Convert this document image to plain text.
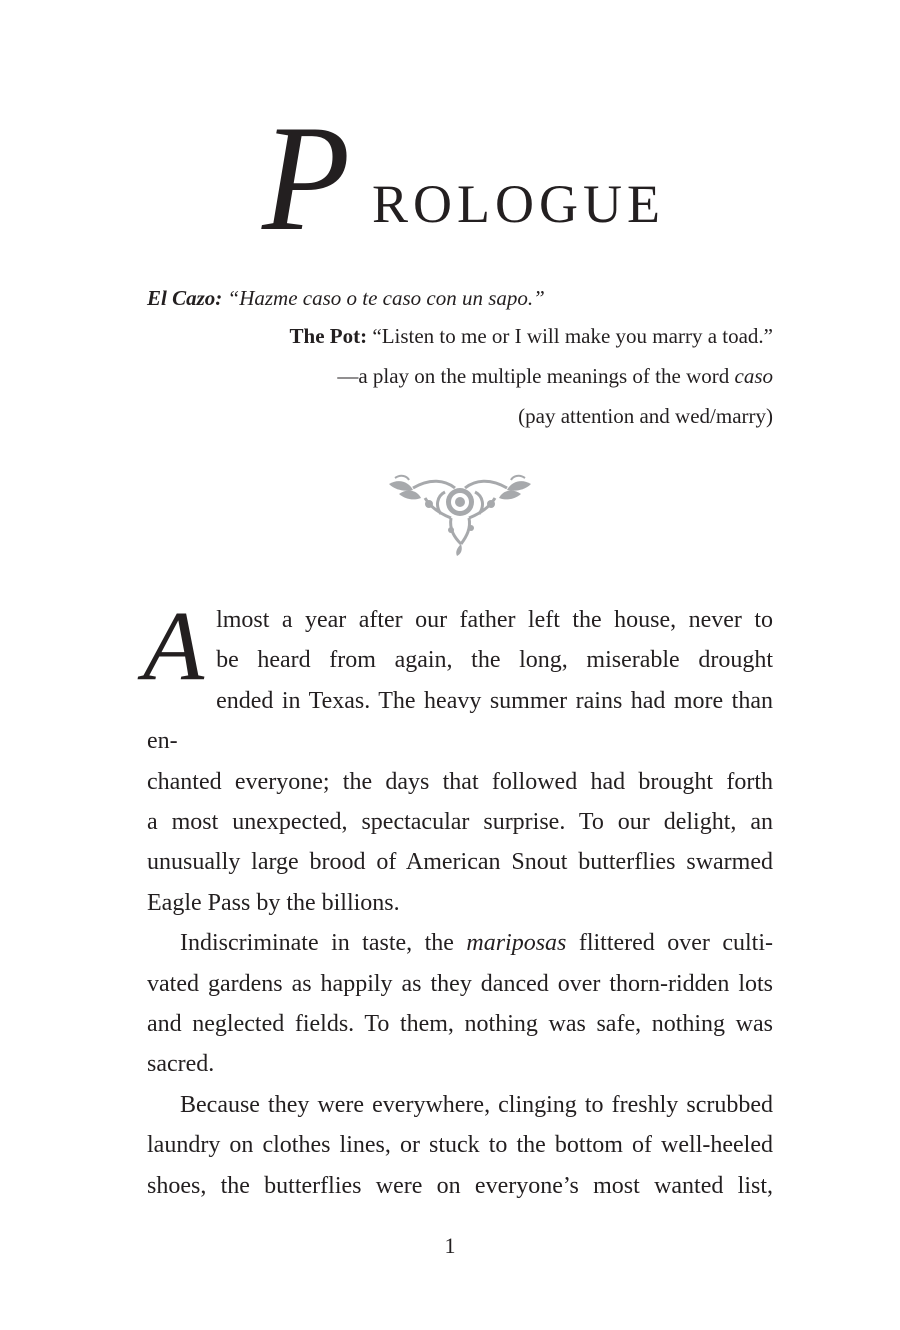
P ROLOGUE
El Cazo: “Hazme caso o te caso con un sapo.”
The Pot: “Listen to me or I will make you marry a toad.”
—a play on the multiple meanings of the word caso
(pay attention and wed/marry)

A lmost a year after our father left the house, never to
be heard from again, the long, miserable drought
ended in Texas. The heavy summer rains had more than en-
chanted everyone; the days that followed had brought forth
a most unexpected, spectacular surprise. To our delight, an
unusually large brood of American Snout butterflies swarmed
Eagle Pass by the billions.

Indiscriminate in taste, the mariposas flittered over culti-
vated gardens as happily as they danced over thorn-ridden lots
and neglected fields. To them, nothing was safe, nothing was
sacred.

Because they were everywhere, clinging to freshly scrubbed
laundry on clothes lines, or stuck to the bottom of well-heeled
shoes, the butterflies were on everyone’s most wanted list,

1
